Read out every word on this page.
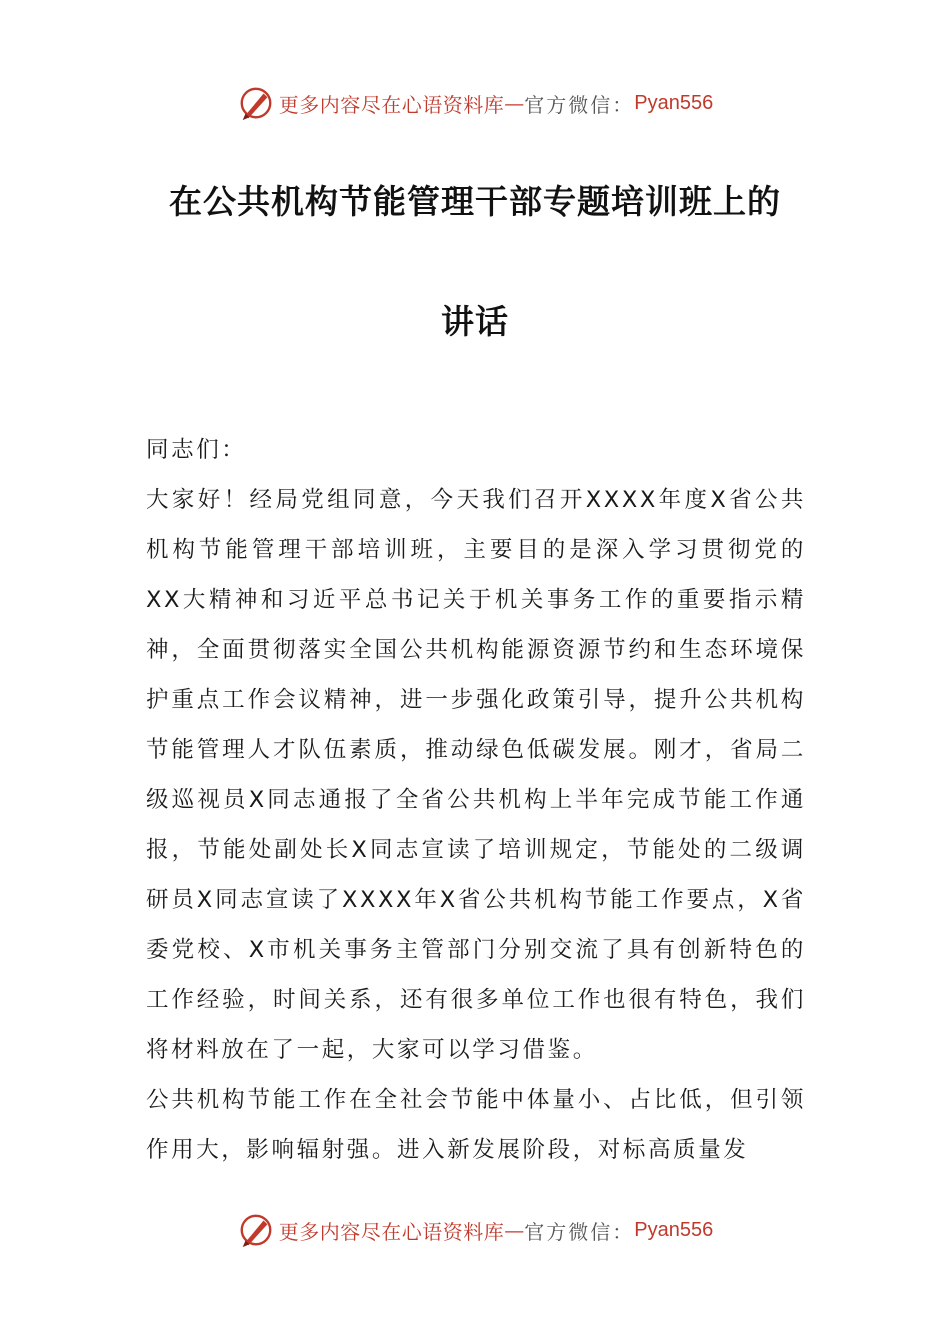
更多内容尽在心语资料库 — 官方微信： Pyan556
在公共机构节能管理干部专题培训班上的
讲话

同志们：

大家好！经局党组同意，今天我们召开XXXX年度X省公共机构节能管理干部培训班，主要目的是深入学习贯彻党的XX大精神和习近平总书记关于机关事务工作的重要指示精神，全面贯彻落实全国公共机构能源资源节约和生态环境保护重点工作会议精神，进一步强化政策引导，提升公共机构节能管理人才队伍素质，推动绿色低碳发展。刚才，省局二级巡视员X同志通报了全省公共机构上半年完成节能工作通报，节能处副处长X同志宣读了培训规定，节能处的二级调研员X同志宣读了XXXX年X省公共机构节能工作要点，X省委党校、X市机关事务主管部门分别交流了具有创新特色的工作经验，时间关系，还有很多单位工作也很有特色，我们将材料放在了一起，大家可以学习借鉴。

公共机构节能工作在全社会节能中体量小、占比低，但引领作用大，影响辐射强。进入新发展阶段，对标高质量发

更多内容尽在心语资料库 — 官方微信： Pyan556
